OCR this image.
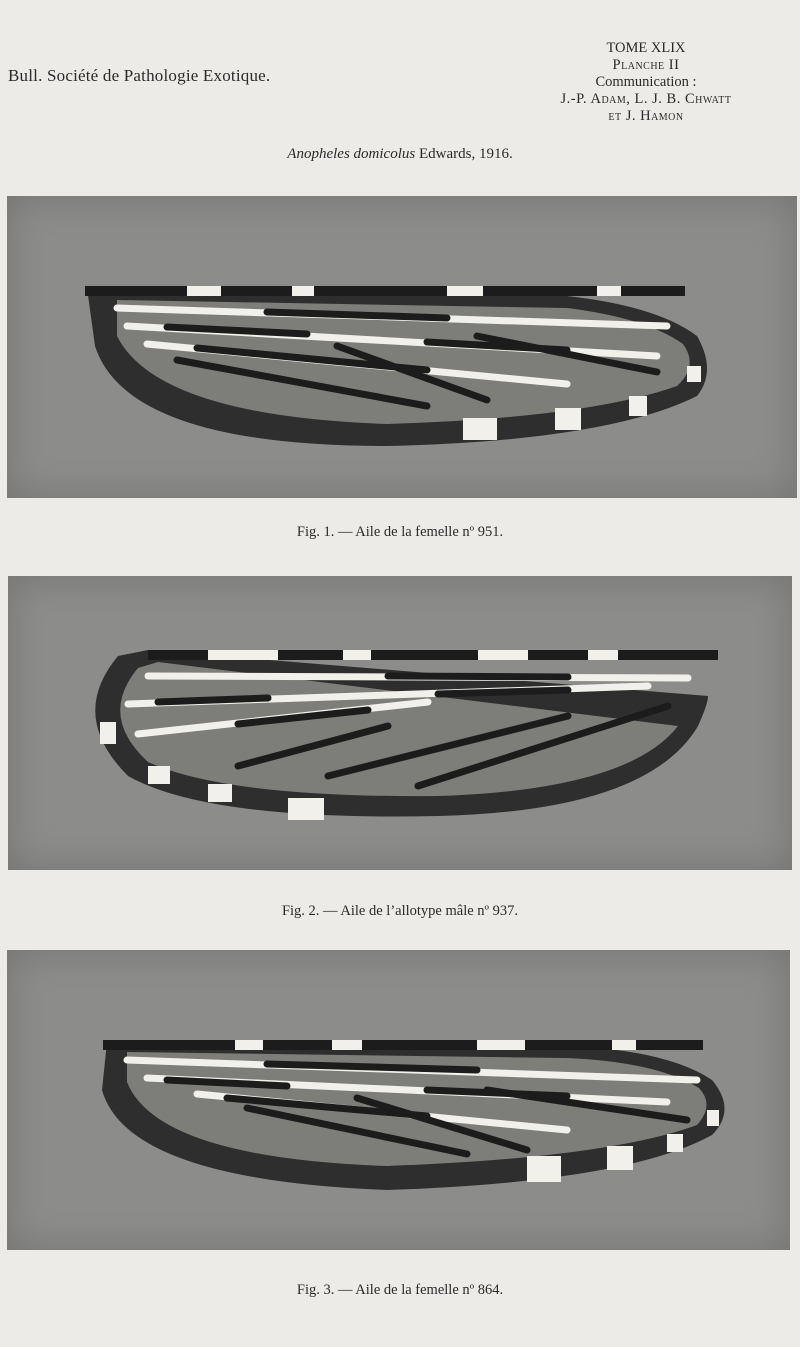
Bull. Société de Pathologie Exotique.
TOME XLIX
Planche II
Communication :
J.-P. Adam, L. J. B. Chwatt
et J. Hamon
Anopheles domicolus Edwards, 1916.
Fig. 1. — Aile de la femelle nº 951.
Fig. 2. — Aile de l’allotype mâle nº 937.
Fig. 3. — Aile de la femelle nº 864.
